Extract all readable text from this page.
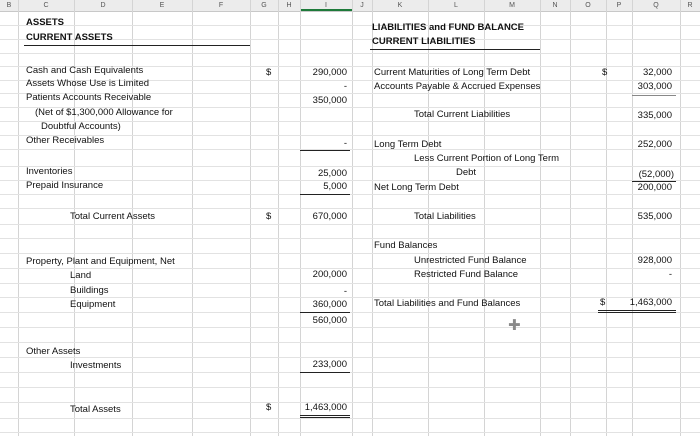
B	C	D	E	F	G	H	I	J	K	L	M	N	O	P	Q	R
ASSETS
CURRENT ASSETS
Cash and Cash Equivalents	$	290,000
Assets Whose Use is Limited	-
Patients Accounts Receivable	350,000
(Net of $1,300,000 Allowance for
Doubtful Accounts)
Other Receivables	-
Inventories	25,000
Prepaid Insurance	5,000
Total Current Assets	$	670,000
Property, Plant and Equipment, Net
Land	200,000
Buildings	-
Equipment	360,000
560,000
Other Assets
Investments	233,000
Total Assets	$	1,463,000
LIABILITIES and FUND BALANCE
CURRENT LIABILITIES
Current Maturities of Long Term Debt	$	32,000
Accounts Payable & Accrued Expenses	303,000
Total Current Liabilities	335,000
Long Term Debt	252,000
Less Current Portion of Long Term
Debt	(52,000)
Net Long Term Debt	200,000
Total Liabilities	535,000
Fund Balances
Unrestricted Fund Balance	928,000
Restricted Fund Balance	-
Total Liabilities and Fund Balances	$	1,463,000
✚
